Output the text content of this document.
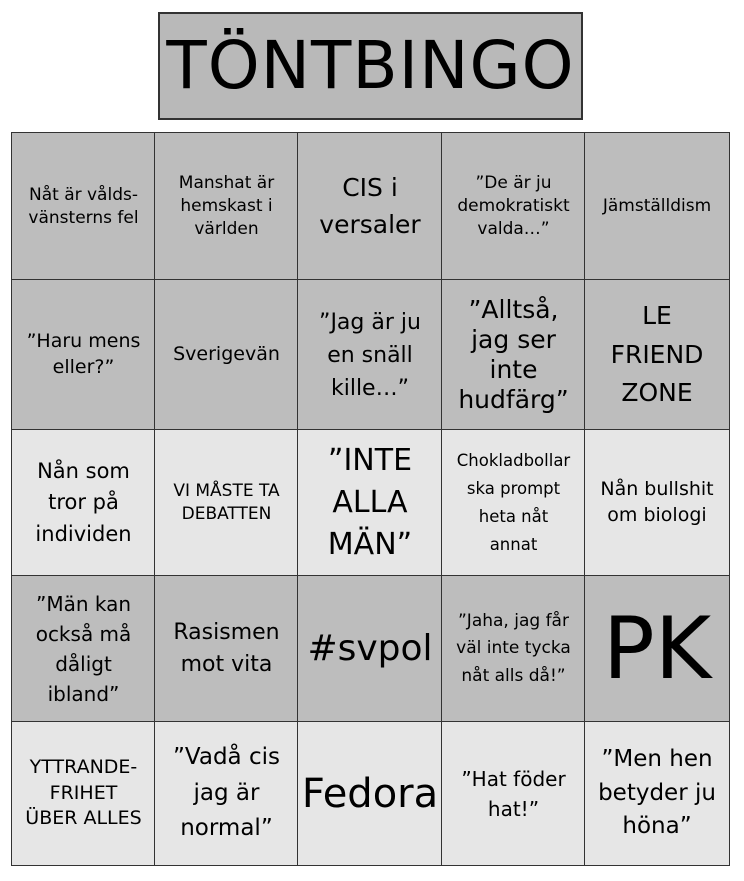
TÖNTBINGO
Nåt är vålds-
vänsterns fel
Manshat är
hemskast i
världen
CIS i
versaler
”De är ju
demokratiskt
valda…”
Jämställdism
”Haru mens
eller?”
Sverigevän
”Jag är ju
en snäll
kille…”
”Alltså,
jag ser
inte
hudfärg”
LE
FRIEND
ZONE
Nån som
tror på
individen
VI MÅSTE TA
DEBATTEN
”INTE
ALLA
MÄN”
Chokladbollar
ska prompt
heta nåt
annat
Nån bullshit
om biologi
”Män kan
också må
dåligt
ibland”
Rasismen
mot vita #svpol
”Jaha, jag får
väl inte tycka
nåt alls då!” PK
YTTRANDE-
FRIHET
ÜBER ALLES
”Vadå cis
jag är
normal”
Fedora	”Hat föder
hat!”
”Men hen
betyder ju
höna”
